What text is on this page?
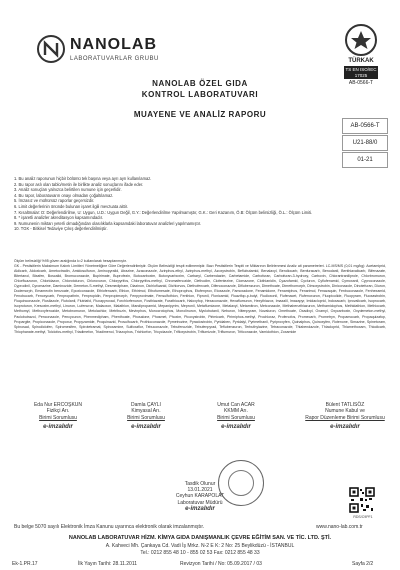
NANOLAB
LABORATUVARLAR GRUBU	TÜRKAK
TS EN ISO/IEC 17025
AB-0566-T
NANOLAB ÖZEL GIDA
KONTROL LABORATUVARI
MUAYENE VE ANALİZ RAPORU
AB-0566-T
U21-88/0
01-21
1. Bu analiz raporunun hiçbir bölümü tek başına veya ayrı ayrı kullanılamaz.
2. Bu rapor aslı olan tablo/metin ile birlikte analiz sonuçlarını ifade eder.
3. Analiz sonuçları yalnızca belirtilen numune için geçerlidir.
4. Bu rapor, laboratuvarın onayı olmadan çoğaltılamaz.
5. İmzasız ve mühürsüz raporlar geçersizdir.
6. Limit değerlerinin önünde bulunan işaret ilgili mevzuata aittir.
7. Kısaltmalar: D: Değerlendirilme, U: Uygun, U.D.: Uygun Değil, G.Y.: Değerlendirilme Yapılmamıştır, G.K.: Geri Kazanım, Ö.B: Ölçüm belirsizliği, Ö.L.: Ölçüm Limiti.
8. * işaretli analizler akreditasyon kapsamındadır.
9. Numunenin miktarı yeterli olmadığından olasılıklarla kapsamdaki laboratuvar analizleri yapılmamıştır.
10. TGK - Bitkisel Tedaviye Çıkış değerlendirilmiştir.
Ölçüm belirsizliği %95 güven aralığında k=2 kullanılarak hesaplanmıştır.
GK - Pestisitlerin Maksimum Kalıntı Limitleri Yönetmeliğine Göre Değerlendirilmiştir. Ölçüm Belirsizliği tespit edilmemiştir. Bazı Pestisitlerin Tespiti ve Miktarının Belirlenmesi Analiz ait parametreleri. LC-MS/MS (0,01 mg/kg): Acetamiprid, Aldicarb, Aldoxicarb, Ametoctradin, Amidosulfuron, Aminopyralid, Atrazine, Azaconazole, Azinphos-ethyl, Azinphos-methyl, Azoxystrobin, Beflubutamid, Benalaxyl, Bendiocarb, Benfuracarb, Benodanil, Benthiavalicarb, Bifenazate, Bitertanol, Bixafen, Boscalid, Bromuconazole, Bupirimate, Buprofezin, Butocarboxim, Butoxycarboxim, Carbaryl, Carbendazim, Carbetamide, Carbofuran, Carbofuran-3-hydroxy, Carboxin, Chlorantraniliprole, Chlorbromuron, Chlorfluazuron, Chloridazon, Chlorotoluron, Chloroxuron, Chlorpyrifos, Chlorpyrifos-methyl, Chromafenozide, Clethodim, Clofentezine, Clomazone, Clothianidin, Cyazofamid, Cycluron, Cyflufenamid, Cymoxanil, Cyproconazole, Cyprodinil, Cyromazine, Daminozide, Demeton-S-methyl, Desmedipham, Diazinon, Dichlofluanid, Dichlorvos, Diethofencarb, Difenoconazole, Diflubenzuron, Dimethoate, Dimethomorph, Dimoxystrobin, Diniconazole, Dinotefuran, Diuron, Dodemorph, Emamectin benzoate, Epoxiconazole, Ethiofencarb, Ethion, Ethirimol, Ethofumesate, Ethoprophos, Etofenprox, Etoxazole, Famoxadone, Fenamidone, Fenamiphos, Fenarimol, Fenazaquin, Fenbuconazole, Fenhexamid, Fenobucarb, Fenoxycarb, Fenpropathrin, Fenpropidin, Fenpropimorph, Fenpyroximate, Fensulfothion, Fenthion, Fipronil, Flonicamid, Fluazifop-p-butyl, Fludioxonil, Flufenacet, Flufenoxuron, Fluopicolide, Fluopyram, Fluoxastrobin, Fluquinconazole, Flusilazole, Flutolanil, Flutriafol, Fluxapyroxad, Forchlorfenuron, Fosthiazate, Furathiocarb, Haloxyfop, Hexaconazole, Hexaflumuron, Hexythiazox, Imazalil, Imazapyr, Imidacloprid, Indoxacarb, Iprovalicarb, Isoprocarb, Isoproturon, Kresoxim-methyl, Linuron, Lufenuron, Malaoxon, Malathion, Mandipropamid, Mepanipyrim, Mepronil, Metaflumizone, Metalaxyl, Metamitron, Metconazole, Methabenzthiazuron, Methamidophos, Methidathion, Methiocarb, Methomyl, Methoxyfenozide, Metobromuron, Metolachlor, Metribuzin, Mevinphos, Monocrotophos, Monolinuron, Myclobutanil, Neburon, Nitenpyram, Novaluron, Omethoate, Oxadixyl, Oxamyl, Oxycarboxin, Oxydemeton-methyl, Paclobutrazol, Penconazole, Pencycuron, Phenmedipham, Phenthoate, Phosalone, Phosmet, Phoxim, Picoxystrobin, Pirimicarb, Pirimiphos-methyl, Prochloraz, Profenofos, Promecarb, Prometryn, Propamocarb, Propaquizafop, Propargite, Propiconazole, Propoxur, Propyzamide, Proquinazid, Prosulfocarb, Prothioconazole, Pymetrozine, Pyraclostrobin, Pyridaben, Pyridalyl, Pyrimethanil, Pyriproxyfen, Quinalphos, Quinoxyfen, Rotenone, Simazine, Spinetoram, Spinosad, Spirodiclofen, Spiromesifen, Spirotetramat, Spiroxamine, Sulfoxaflor, Tebuconazole, Tebufenozide, Tebufenpyrad, Teflubenzuron, Terbuthylazine, Tetraconazole, Thiabendazole, Thiacloprid, Thiamethoxam, Thiodicarb, Thiophanate-methyl, Tolclofos-methyl, Triadimefon, Triadimenol, Triazophos, Trichlorfon, Tricyclazole, Trifloxystrobin, Triflumizole, Triflumuron, Triticonazole, Vamidothion, Zoxamide
Eda Nur ERCOŞKUN
Fizikçi Arı.
Birimi Sorumlusu
e-imzalıdır
Damla ÇAYLI
Kimyasal Arı.
Birimi Sorumlusu
e-imzalıdır
Umut Can ACAR
KKMM Arı.
Birimi Sorumlusu
e-imzalıdır
Bülent TATLISÖZ
Numune Kabul ve
Rapor Düzenleme Birimi Sorumlusu
e-imzalıdır
Tasdik Olunur
13.01.2021
Ceyhun KARAPOLAT
Laboratuvar Müdürü
e-imzalıdır
RDS/C9PF1
Bu belge 5070 sayılı Elektronik İmza Kanunu uyarınca elektronik olarak imzalanmıştır.	www.nano-lab.com.tr
NANOLAB LABORATUVAR HİZM. KİMYA GIDA DANIŞMANLIK ÇEVRE EĞİTİM SAN. VE TİC. LTD. ŞTİ.
A. Kahveci Mh. Çankaya Cd. Vadi İş Mrkz. N-2 E K: 2 No: 25 Beylikdüzü - İSTANBUL
Tel.: 0212 855 48 10 - 855 02 53 Fax: 0212 855 48 33
Ek-1.PR.17	İlk Yayın Tarihi: 28.11.2011	Revizyon Tarihi / No: 05.09.2017 / 03	Sayfa 2/2
